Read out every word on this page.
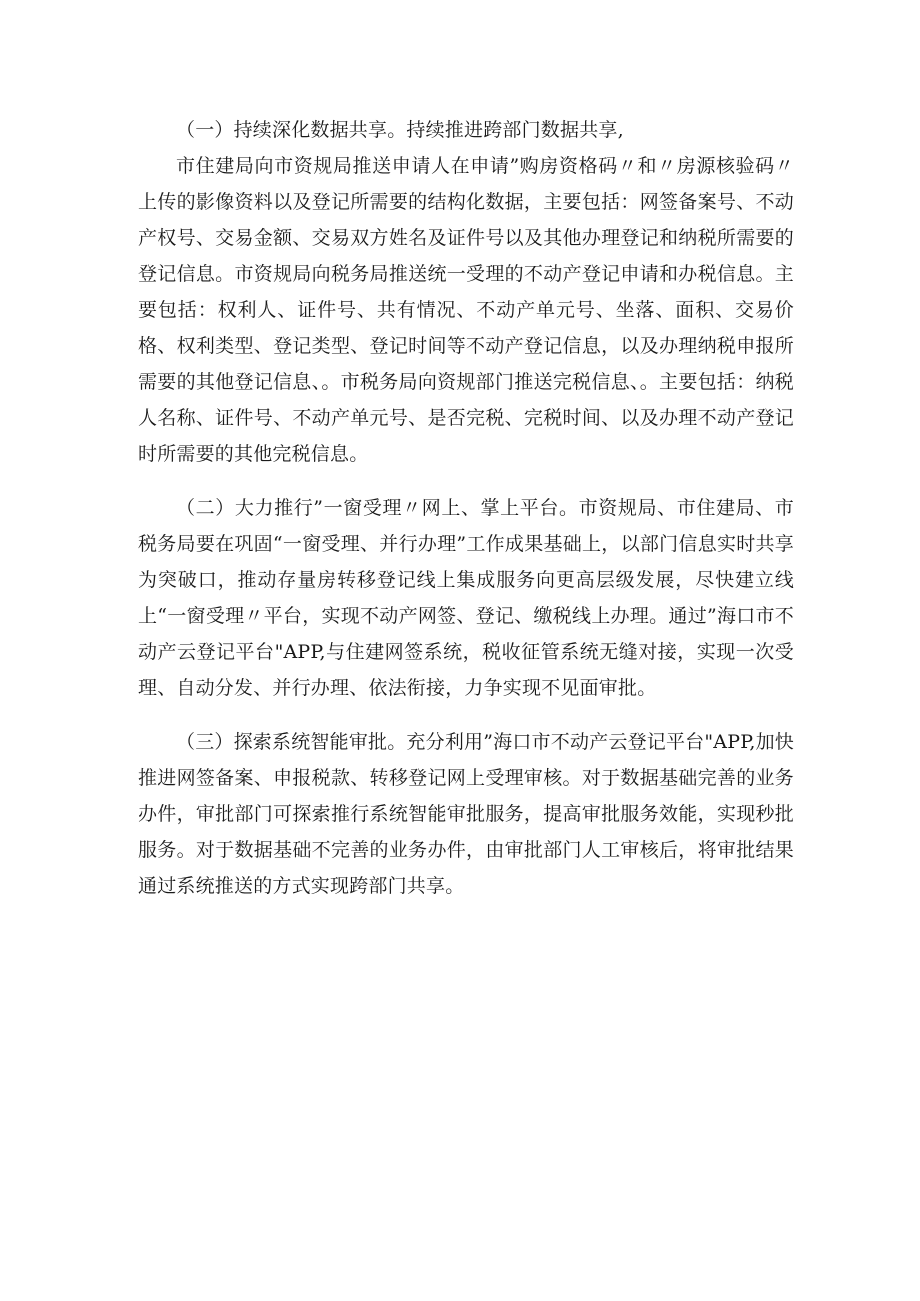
（一）持续深化数据共享。持续推进跨部门数据共享,

市住建局向市资规局推送申请人在申请”购房资格码〃和〃房源核验码〃上传的影像资料以及登记所需要的结构化数据，主要包括：网签备案号、不动产权号、交易金额、交易双方姓名及证件号以及其他办理登记和纳税所需要的登记信息。市资规局向税务局推送统一受理的不动产登记申请和办税信息。主要包括：权利人、证件号、共有情况、不动产单元号、坐落、面积、交易价格、权利类型、登记类型、登记时间等不动产登记信息，以及办理纳税申报所需要的其他登记信息、。市税务局向资规部门推送完税信息、。主要包括：纳税人名称、证件号、不动产单元号、是否完税、完税时间、以及办理不动产登记时所需要的其他完税信息。

（二）大力推行”一窗受理〃网上、掌上平台。市资规局、市住建局、市税务局要在巩固“一窗受理、并行办理”工作成果基础上，以部门信息实时共享为突破口，推动存量房转移登记线上集成服务向更高层级发展，尽快建立线上“一窗受理〃平台，实现不动产网签、登记、缴税线上办理。通过”海口市不动产云登记平台"APP,与住建网签系统，税收征管系统无缝对接，实现一次受理、自动分发、并行办理、依法衔接，力争实现不见面审批。

（三）探索系统智能审批。充分利用”海口市不动产云登记平台"APP,加快推进网签备案、申报税款、转移登记网上受理审核。对于数据基础完善的业务办件，审批部门可探索推行系统智能审批服务，提高审批服务效能，实现秒批服务。对于数据基础不完善的业务办件，由审批部门人工审核后，将审批结果通过系统推送的方式实现跨部门共享。
